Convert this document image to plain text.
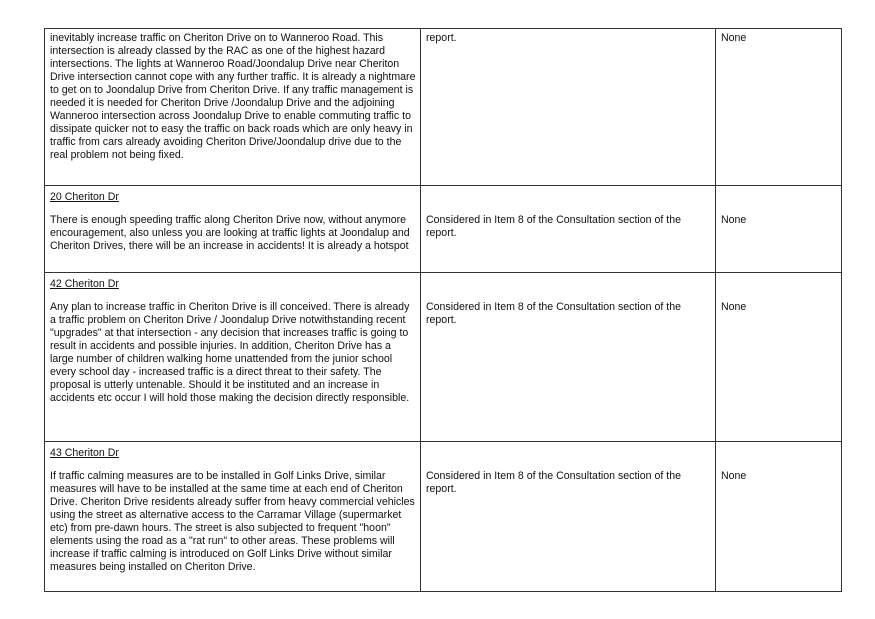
inevitably increase traffic on Cheriton Drive on to Wanneroo Road. This intersection is already classed by the RAC as one of the highest hazard intersections. The lights at Wanneroo Road/Joondalup Drive near Cheriton Drive intersection cannot cope with any further traffic. It is already a nightmare to get on to Joondalup Drive from Cheriton Drive. If any traffic management is needed it is needed for Cheriton Drive /Joondalup Drive and the adjoining Wanneroo intersection across Joondalup Drive to enable commuting traffic to dissipate quicker not to easy the traffic on back roads which are only heavy in traffic from cars already avoiding Cheriton Drive/Joondalup drive due to the real problem not being fixed.	report.	None

20 Cheriton Dr
There is enough speeding traffic along Cheriton Drive now, without anymore encouragement, also unless you are looking at traffic lights at Joondalup and Cheriton Drives, there will be an increase in accidents! It is already a hotspot	Considered in Item 8 of the Consultation section of the report.	None

42 Cheriton Dr
Any plan to increase traffic in Cheriton Drive is ill conceived. There is already a traffic problem on Cheriton Drive / Joondalup Drive notwithstanding recent "upgrades" at that intersection - any decision that increases traffic is going to result in accidents and possible injuries. In addition, Cheriton Drive has a large number of children walking home unattended from the junior school every school day - increased traffic is a direct threat to their safety. The proposal is utterly untenable. Should it be instituted and an increase in accidents etc occur I will hold those making the decision directly responsible.	Considered in Item 8 of the Consultation section of the report.	None

43 Cheriton Dr
If traffic calming measures are to be installed in Golf Links Drive, similar measures will have to be installed at the same time at each end of Cheriton Drive. Cheriton Drive residents already suffer from heavy commercial vehicles using the street as alternative access to the Carramar Village (supermarket etc) from pre-dawn hours. The street is also subjected to frequent "hoon" elements using the road as a "rat run" to other areas. These problems will increase if traffic calming is introduced on Golf Links Drive without similar measures being installed on Cheriton Drive.	Considered in Item 8 of the Consultation section of the report.	None
